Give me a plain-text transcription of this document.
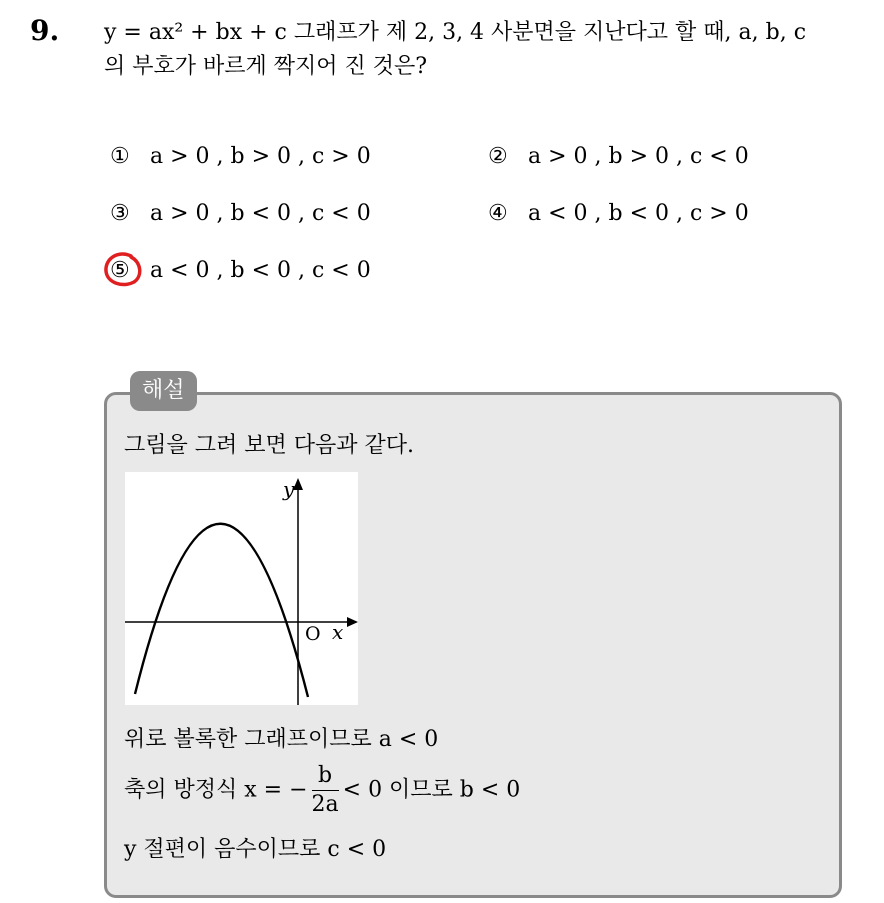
9. y = ax² + bx + c 그래프가 제 2, 3, 4 사분면을 지난다고 할 때, a, b, c
의 부호가 바르게 짝지어 진 것은?
① a > 0 , b > 0 , c > 0	② a > 0 , b > 0 , c < 0
③ a > 0 , b < 0 , c < 0	④ a < 0 , b < 0 , c > 0
⑤ a < 0 , b < 0 , c < 0
해설
그림을 그려 보면 다음과 같다.
y
O x
위로 볼록한 그래프이므로 a < 0
축의 방정식 x = − $\frac{b}{2a} < 0$ 이므로 b < 0
y 절편이 음수이므로 c < 0
